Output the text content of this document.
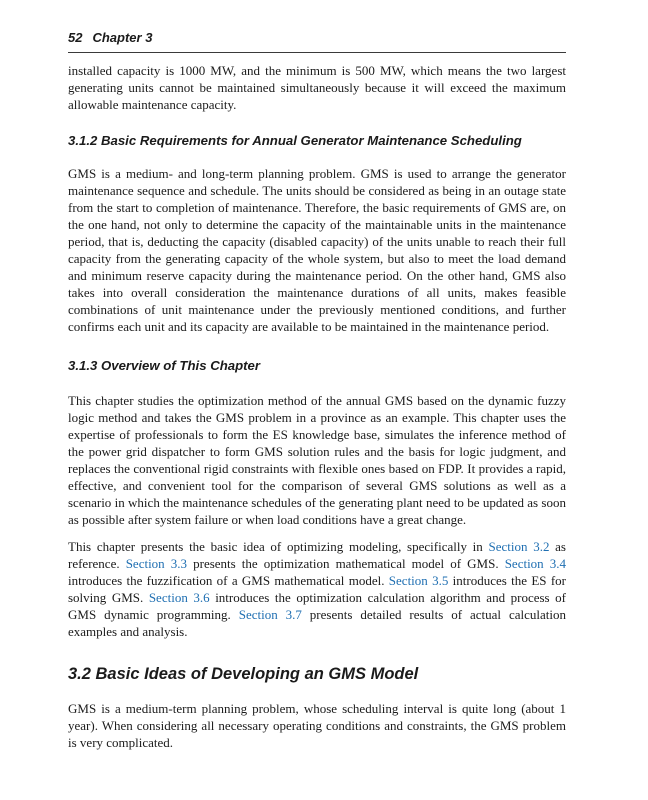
52 Chapter 3

installed capacity is 1000 MW, and the minimum is 500 MW, which means the two largest generating units cannot be maintained simultaneously because it will exceed the maximum allowable maintenance capacity.

3.1.2 Basic Requirements for Annual Generator Maintenance Scheduling

GMS is a medium- and long-term planning problem. GMS is used to arrange the generator maintenance sequence and schedule. The units should be considered as being in an outage state from the start to completion of maintenance. Therefore, the basic requirements of GMS are, on the one hand, not only to determine the capacity of the maintainable units in the maintenance period, that is, deducting the capacity (disabled capacity) of the units unable to reach their full capacity from the generating capacity of the whole system, but also to meet the load demand and minimum reserve capacity during the maintenance period. On the other hand, GMS also takes into overall consideration the maintenance durations of all units, makes feasible combinations of unit maintenance under the previously mentioned conditions, and further confirms each unit and its capacity are available to be maintained in the maintenance period.

3.1.3 Overview of This Chapter

This chapter studies the optimization method of the annual GMS based on the dynamic fuzzy logic method and takes the GMS problem in a province as an example. This chapter uses the expertise of professionals to form the ES knowledge base, simulates the inference method of the power grid dispatcher to form GMS solution rules and the basis for logic judgment, and replaces the conventional rigid constraints with flexible ones based on FDP. It provides a rapid, effective, and convenient tool for the comparison of several GMS solutions as well as a scenario in which the maintenance schedules of the generating plant need to be updated as soon as possible after system failure or when load conditions have a great change.

This chapter presents the basic idea of optimizing modeling, specifically in Section 3.2 as reference. Section 3.3 presents the optimization mathematical model of GMS. Section 3.4 introduces the fuzzification of a GMS mathematical model. Section 3.5 introduces the ES for solving GMS. Section 3.6 introduces the optimization calculation algorithm and process of GMS dynamic programming. Section 3.7 presents detailed results of actual calculation examples and analysis.

3.2 Basic Ideas of Developing an GMS Model

GMS is a medium-term planning problem, whose scheduling interval is quite long (about 1 year). When considering all necessary operating conditions and constraints, the GMS problem is very complicated.
